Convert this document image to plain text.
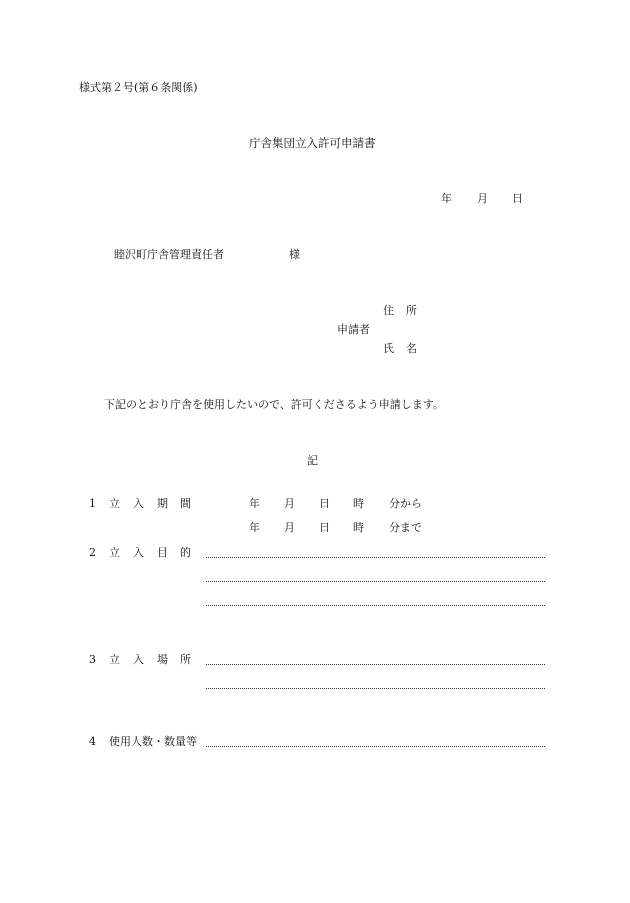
様式第２号(第６条関係)
庁舎集団立入許可申請書
年 月 日
睦沢町庁舎管理責任者	様
住 所
申請者
氏 名
下記のとおり庁舎を使用したいので、許可くださるよう申請します。
記
1 立 入 期 間	年 月 日 時 分から
年 月 日 時 分まで
2 立 入 目 的
3 立 入 場 所
4 使用人数・数量等
